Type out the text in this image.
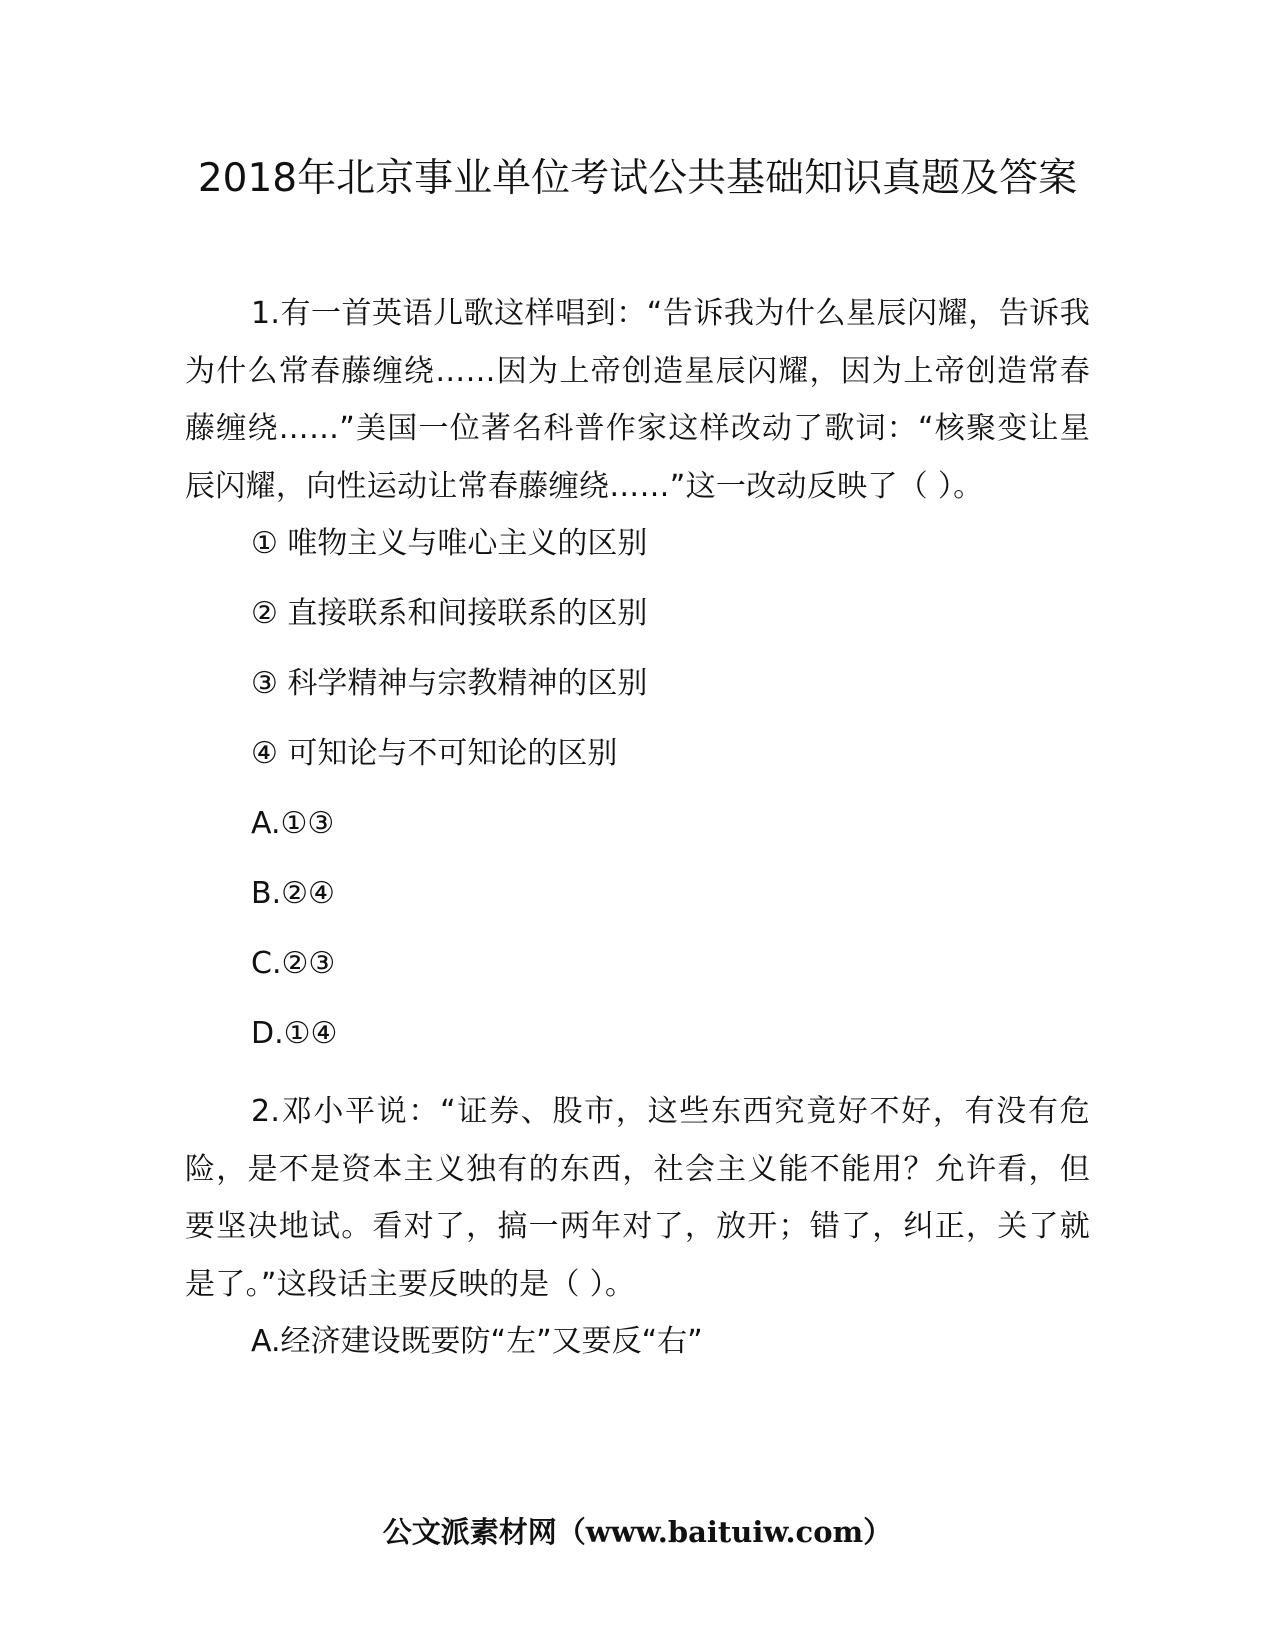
2018年北京事业单位考试公共基础知识真题及答案

1.有一首英语儿歌这样唱到：“告诉我为什么星辰闪耀，告诉我为什么常春藤缠绕……因为上帝创造星辰闪耀，因为上帝创造常春藤缠绕……”美国一位著名科普作家这样改动了歌词：“核聚变让星辰闪耀，向性运动让常春藤缠绕……”这一改动反映了（ ）。

① 唯物主义与唯心主义的区别
② 直接联系和间接联系的区别
③ 科学精神与宗教精神的区别
④ 可知论与不可知论的区别
A.①③
B.②④
C.②③
D.①④

2.邓小平说：“证券、股市，这些东西究竟好不好，有没有危险，是不是资本主义独有的东西，社会主义能不能用？允许看，但要坚决地试。看对了，搞一两年对了，放开；错了，纠正，关了就是了。”这段话主要反映的是（ ）。

A.经济建设既要防“左”又要反“右”
公文派素材网（www.baituiw.com）
